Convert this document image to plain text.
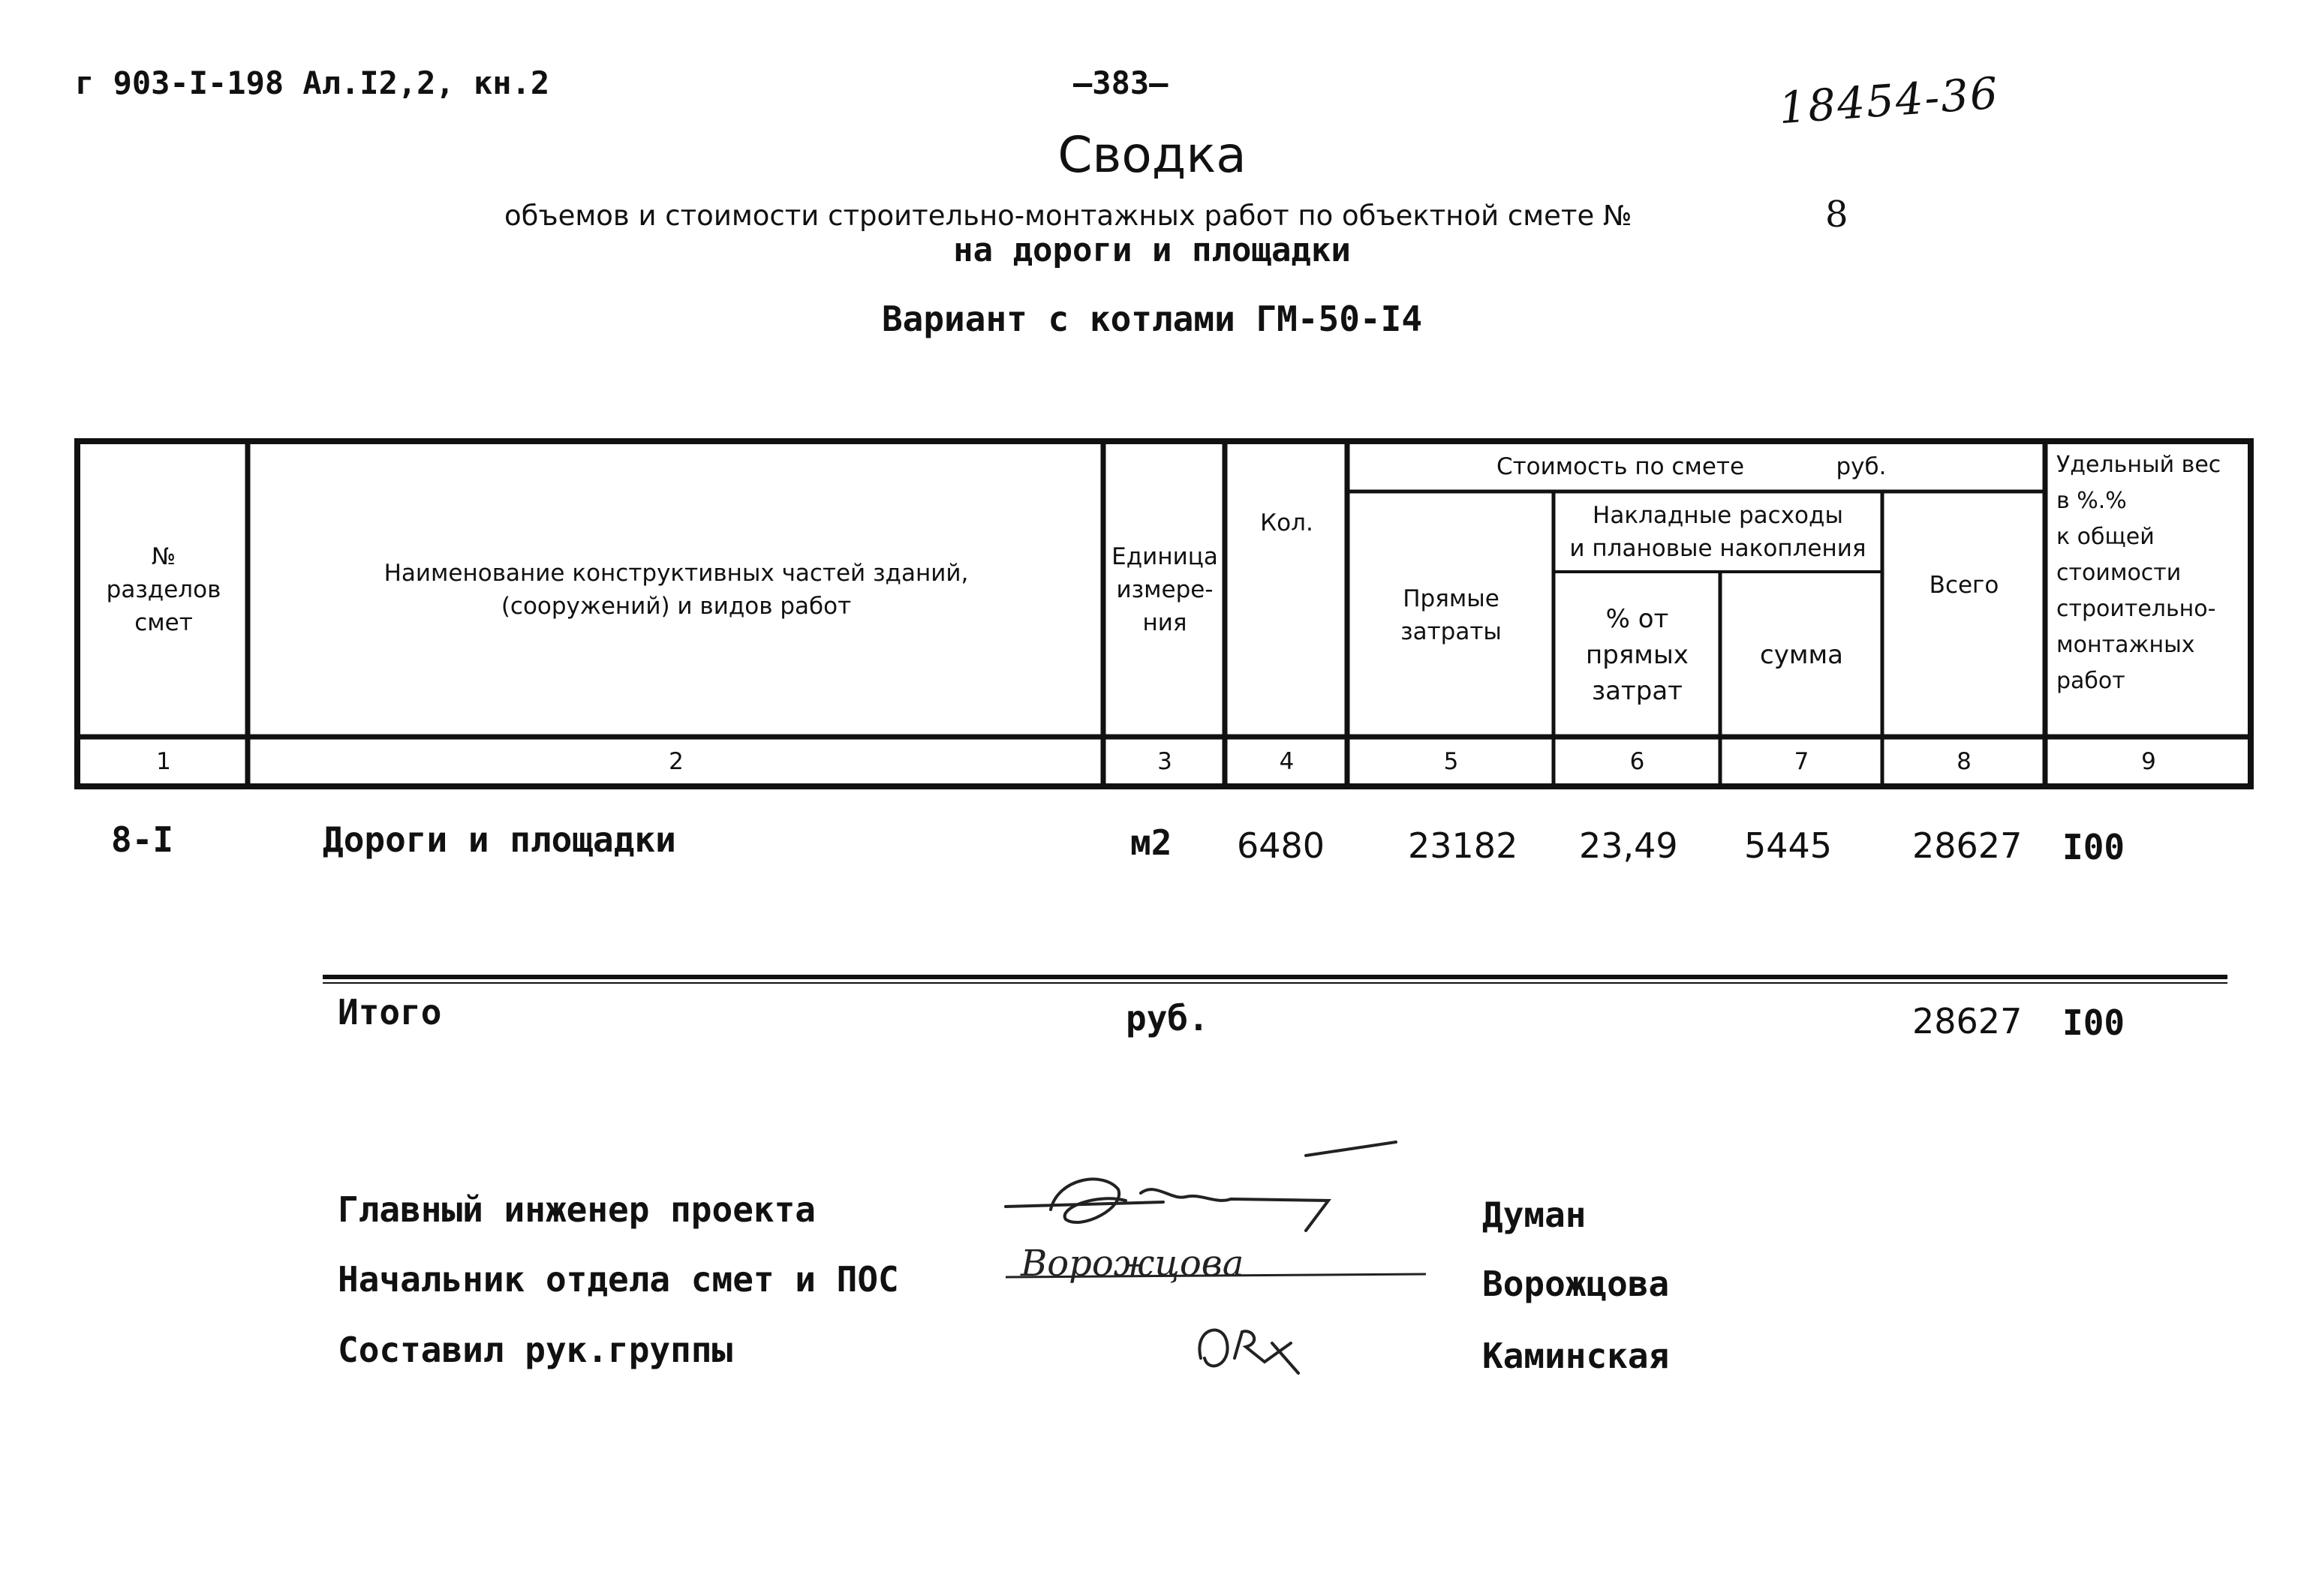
г 903-I-198 Ал.I2,2, кн.2	—383—	18454-36
Сводка
объемов и стоимости строительно-монтажных работ по объектной смете №	8
на дороги и площадки
Вариант с котлами ГМ-50-I4
№
разделов
смет
Наименование конструктивных частей зданий,
(сооружений) и видов работ
Единица
измере-
ния
Кол.
Стоимость по смете	руб.
Прямые
затраты
Накладные расходы
и плановые накопления
% от
прямых
затрат
сумма
Всего
Удельный вес
в %.%
к общей
стоимости
строительно-
монтажных
работ
1	2	3	4	5	6	7	8	9
8-I	Дороги и площадки	м2 6480 23182 23,49 5445 28627 I00
Итого	руб.	28627 I00
Главный инженер проекта	Думан
Начальник отдела смет и ПОС	Ворожцова
Составил рук.группы	Каминская
Ворожцова
